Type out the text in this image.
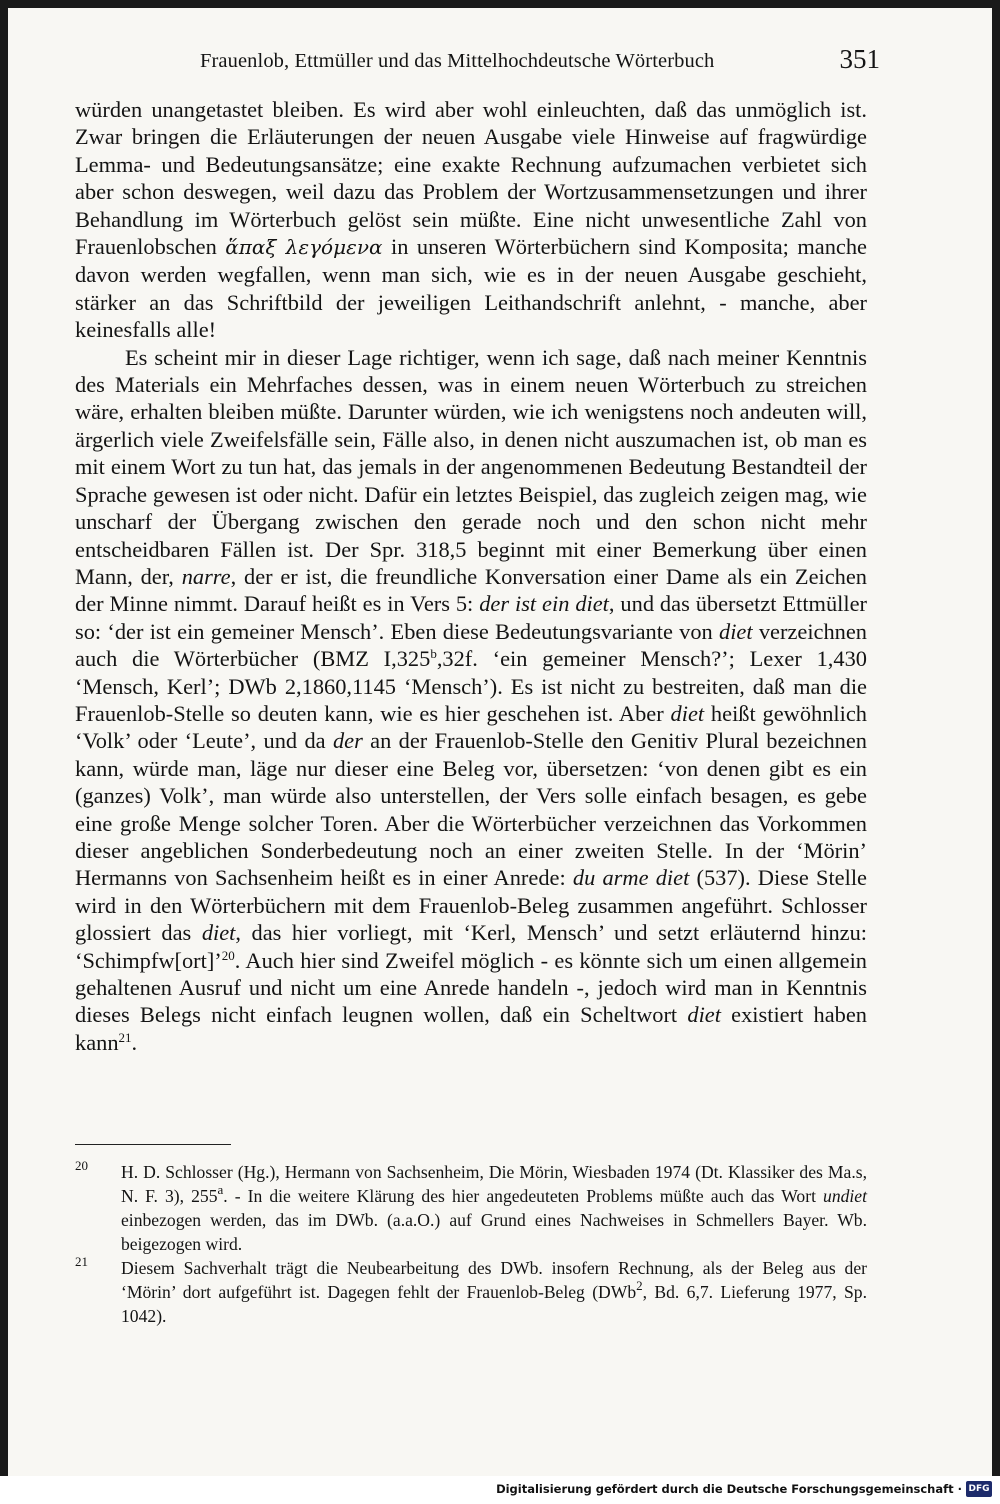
Frauenlob, Ettmüller und das Mittelhochdeutsche Wörterbuch	351

würden unangetastet bleiben. Es wird aber wohl einleuchten, daß das unmöglich ist. Zwar bringen die Erläuterungen der neuen Ausgabe viele Hinweise auf fragwürdige Lemma- und Bedeutungsansätze; eine exakte Rechnung aufzumachen verbietet sich aber schon deswegen, weil dazu das Problem der Wortzusammensetzungen und ihrer Behandlung im Wörterbuch gelöst sein müßte. Eine nicht unwesentliche Zahl von Frauenlobschen ἅπαξ λεγόμενα in unseren Wörterbüchern sind Komposita; manche davon werden wegfallen, wenn man sich, wie es in der neuen Ausgabe geschieht, stärker an das Schriftbild der jeweiligen Leithandschrift anlehnt, - manche, aber keinesfalls alle!

Es scheint mir in dieser Lage richtiger, wenn ich sage, daß nach meiner Kenntnis des Materials ein Mehrfaches dessen, was in einem neuen Wörterbuch zu streichen wäre, erhalten bleiben müßte. Darunter würden, wie ich wenigstens noch andeuten will, ärgerlich viele Zweifelsfälle sein, Fälle also, in denen nicht auszumachen ist, ob man es mit einem Wort zu tun hat, das jemals in der angenommenen Bedeutung Bestandteil der Sprache gewesen ist oder nicht. Dafür ein letztes Beispiel, das zugleich zeigen mag, wie unscharf der Übergang zwischen den gerade noch und den schon nicht mehr entscheidbaren Fällen ist. Der Spr. 318,5 beginnt mit einer Bemerkung über einen Mann, der, narre, der er ist, die freundliche Konversation einer Dame als ein Zeichen der Minne nimmt. Darauf heißt es in Vers 5: der ist ein diet, und das übersetzt Ettmüller so: ‘der ist ein gemeiner Mensch’. Eben diese Bedeutungsvariante von diet verzeichnen auch die Wörterbücher (BMZ I,325$^b$,32f. ‘ein gemeiner Mensch?’; Lexer 1,430 ‘Mensch, Kerl’; DWb 2,1860,1145 ‘Mensch’). Es ist nicht zu bestreiten, daß man die Frauenlob-Stelle so deuten kann, wie es hier geschehen ist. Aber diet heißt gewöhnlich ‘Volk’ oder ‘Leute’, und da der an der Frauenlob-Stelle den Genitiv Plural bezeichnen kann, würde man, läge nur dieser eine Beleg vor, übersetzen: ‘von denen gibt es ein (ganzes) Volk’, man würde also unterstellen, der Vers solle einfach besagen, es gebe eine große Menge solcher Toren. Aber die Wörterbücher verzeichnen das Vorkommen dieser angeblichen Sonderbedeutung noch an einer zweiten Stelle. In der ‘Mörin’ Hermanns von Sachsenheim heißt es in einer Anrede: du arme diet (537). Diese Stelle wird in den Wörterbüchern mit dem Frauenlob-Beleg zusammen angeführt. Schlosser glossiert das diet, das hier vorliegt, mit ‘Kerl, Mensch’ und setzt erläuternd hinzu: ‘Schimpfw[ort]’$^{20}$. Auch hier sind Zweifel möglich - es könnte sich um einen allgemein gehaltenen Ausruf und nicht um eine Anrede handeln -, jedoch wird man in Kenntnis dieses Belegs nicht einfach leugnen wollen, daß ein Scheltwort diet existiert haben kann$^{21}$.

20	H. D. Schlosser (Hg.), Hermann von Sachsenheim, Die Mörin, Wiesbaden 1974 (Dt. Klassiker des Ma.s, N. F. 3), 255$^a$. - In die weitere Klärung des hier angedeuteten Problems müßte auch das Wort undiet einbezogen werden, das im DWb. (a.a.O.) auf Grund eines Nachweises in Schmellers Bayer. Wb. beigezogen wird.

21	Diesem Sachverhalt trägt die Neubearbeitung des DWb. insofern Rechnung, als der Beleg aus der ‘Mörin’ dort aufgeführt ist. Dagegen fehlt der Frauenlob-Beleg (DWb$^2$, Bd. 6,7. Lieferung 1977, Sp. 1042).

Digitalisierung gefördert durch die Deutsche Forschungsgemeinschaft · DFG
